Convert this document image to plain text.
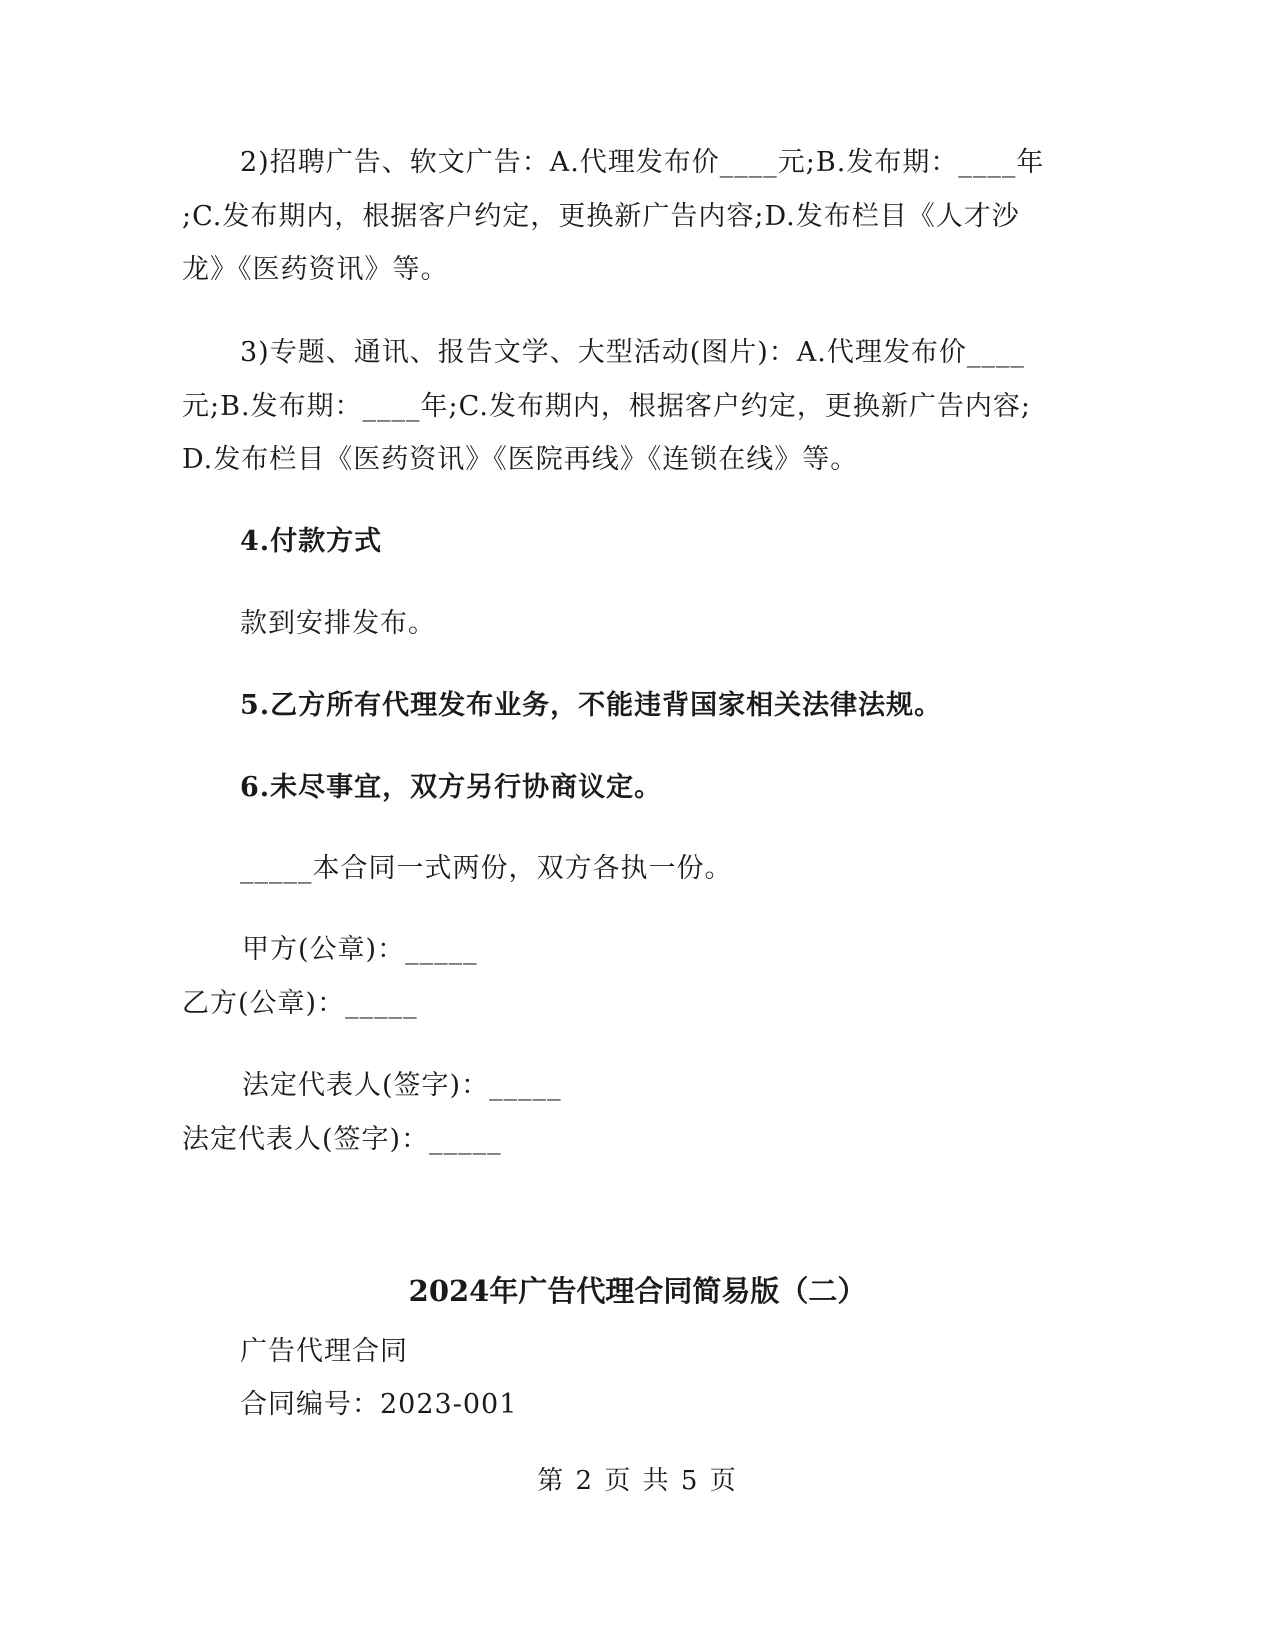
2)招聘广告、软文广告：A.代理发布价____元;B.发布期：____年
;C.发布期内，根据客户约定，更换新广告内容;D.发布栏目《人才沙
龙》《医药资讯》等。
3)专题、通讯、报告文学、大型活动(图片)：A.代理发布价____
元;B.发布期：____年;C.发布期内，根据客户约定，更换新广告内容;
D.发布栏目《医药资讯》《医院再线》《连锁在线》等。
4.付款方式
款到安排发布。
5.乙方所有代理发布业务，不能违背国家相关法律法规。
6.未尽事宜，双方另行协商议定。
_____本合同一式两份，双方各执一份。
甲方(公章)：_____
乙方(公章)：_____
法定代表人(签字)：_____
法定代表人(签字)：_____
2024年广告代理合同简易版（二）
广告代理合同
合同编号：2023-001
第 2 页 共 5 页
